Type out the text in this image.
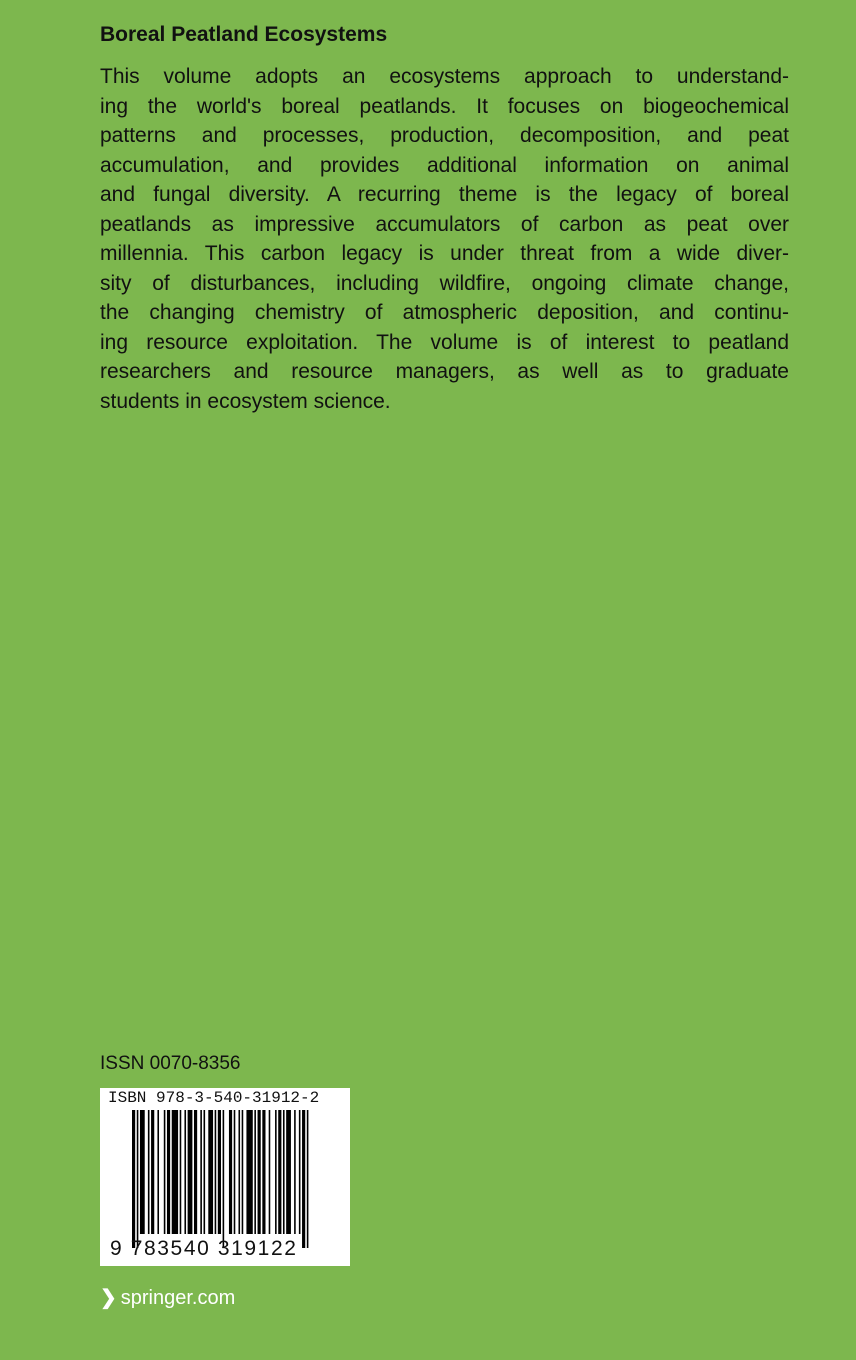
Boreal Peatland Ecosystems
This volume adopts an ecosystems approach to understand-
ing the world's boreal peatlands. It focuses on biogeochemical
patterns and processes, production, decomposition, and peat
accumulation, and provides additional information on animal
and fungal diversity. A recurring theme is the legacy of boreal
peatlands as impressive accumulators of carbon as peat over
millennia. This carbon legacy is under threat from a wide diver-
sity of disturbances, including wildfire, ongoing climate change,
the changing chemistry of atmospheric deposition, and continu-
ing resource exploitation. The volume is of interest to peatland
researchers and resource managers, as well as to graduate
students in ecosystem science.
ISSN 0070-8356
ISBN 978-3-540-31912-2
9 783540 319122
❯ springer.com
